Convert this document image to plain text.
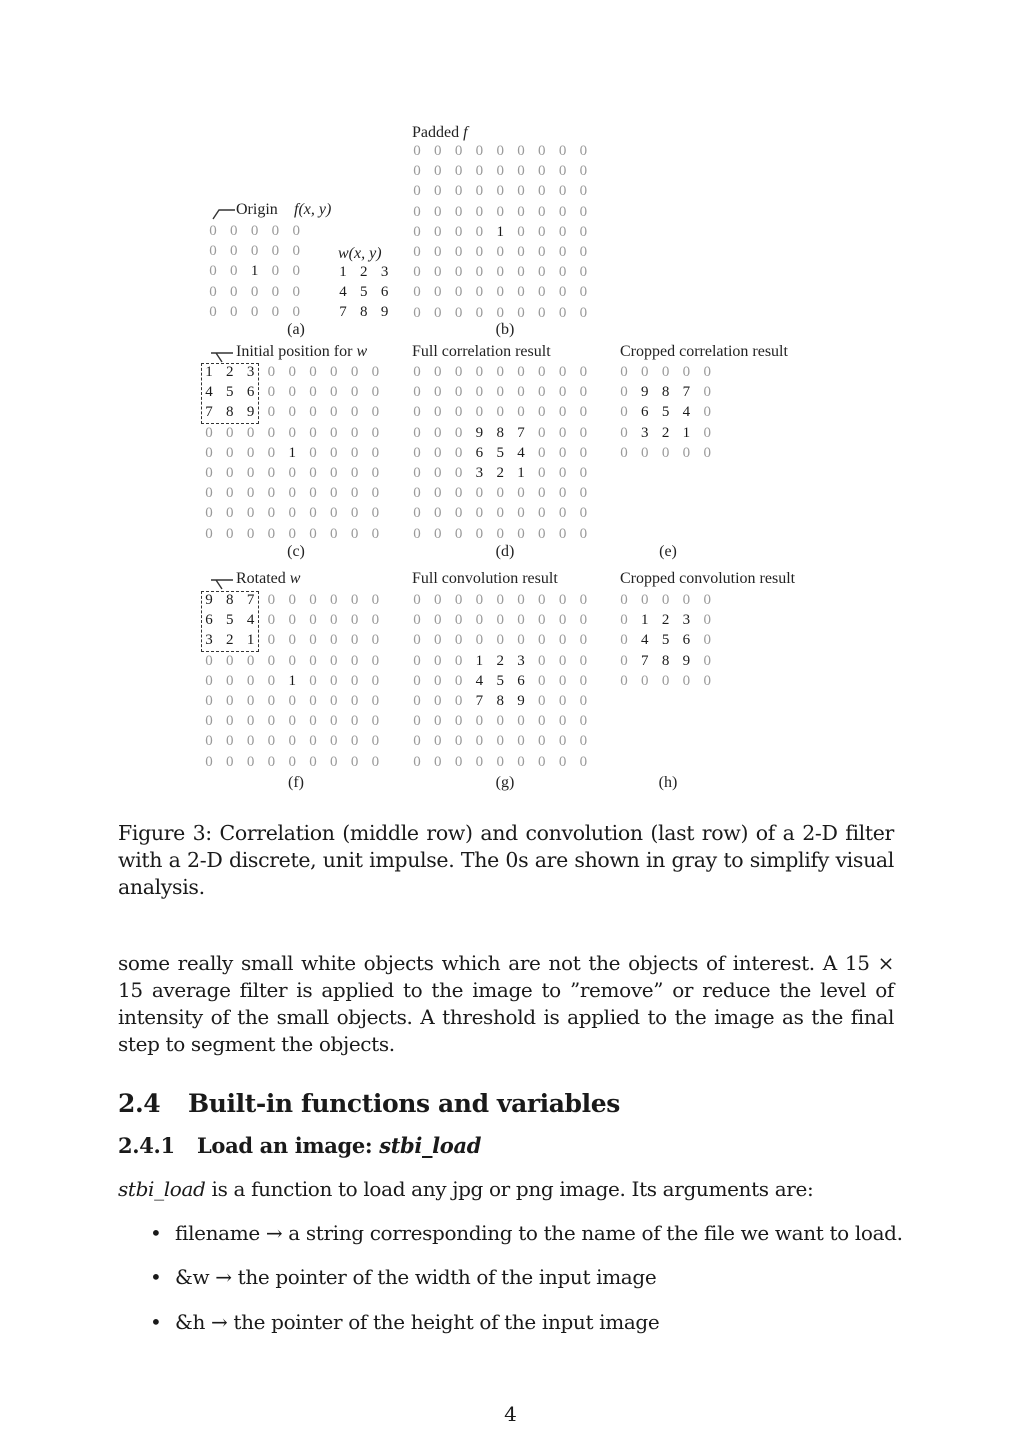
Padded f
Origin f(x, y)
w(x, y)
Initial position for w	Full correlation result	Cropped correlation result
Rotated w	Full convolution result	Cropped convolution result
0 0 0 0 0
0 0 0 0 0
0 0 1 0 0
0 0 0 0 0
0 0 0 0 0
1 2 3
4 5 6
7 8 9
0 0 0 0 0 0 0 0 0
0 0 0 0 0 0 0 0 0
0 0 0 0 0 0 0 0 0
0 0 0 0 0 0 0 0 0
0 0 0 0 1 0 0 0 0
0 0 0 0 0 0 0 0 0
0 0 0 0 0 0 0 0 0
0 0 0 0 0 0 0 0 0
0 0 0 0 0 0 0 0 0
1 2 3 0 0 0 0 0 0
4 5 6 0 0 0 0 0 0
7 8 9 0 0 0 0 0 0
0 0 0 0 0 0 0 0 0
0 0 0 0 1 0 0 0 0
0 0 0 0 0 0 0 0 0
0 0 0 0 0 0 0 0 0
0 0 0 0 0 0 0 0 0
0 0 0 0 0 0 0 0 0
0 0 0 0 0 0 0 0 0
0 0 0 0 0 0 0 0 0
0 0 0 0 0 0 0 0 0
0 0 0 9 8 7 0 0 0
0 0 0 6 5 4 0 0 0
0 0 0 3 2 1 0 0 0
0 0 0 0 0 0 0 0 0
0 0 0 0 0 0 0 0 0
0 0 0 0 0 0 0 0 0
0 0 0 0 0
0 9 8 7 0
0 6 5 4 0
0 3 2 1 0
0 0 0 0 0
9 8 7 0 0 0 0 0 0
6 5 4 0 0 0 0 0 0
3 2 1 0 0 0 0 0 0
0 0 0 0 0 0 0 0 0
0 0 0 0 1 0 0 0 0
0 0 0 0 0 0 0 0 0
0 0 0 0 0 0 0 0 0
0 0 0 0 0 0 0 0 0
0 0 0 0 0 0 0 0 0
0 0 0 0 0 0 0 0 0
0 0 0 0 0 0 0 0 0
0 0 0 0 0 0 0 0 0
0 0 0 1 2 3 0 0 0
0 0 0 4 5 6 0 0 0
0 0 0 7 8 9 0 0 0
0 0 0 0 0 0 0 0 0
0 0 0 0 0 0 0 0 0
0 0 0 0 0 0 0 0 0
0 0 0 0 0
0 1 2 3 0
0 4 5 6 0
0 7 8 9 0
0 0 0 0 0
(a)	(b)
(c)	(d)	(e)
(f)	(g)	(h)
Figure 3: Correlation (middle row) and convolution (last row) of a 2-D filter with a 2-D discrete, unit impulse. The 0s are shown in gray to simplify visual analysis.
some really small white objects which are not the objects of interest. A 15 × 15 average filter is applied to the image to ”remove” or reduce the level of intensity of the small objects. A threshold is applied to the image as the final step to segment the objects.
2.4 Built-in functions and variables
2.4.1 Load an image: stbi_load
stbi_load is a function to load any jpg or png image. Its arguments are:
• filename → a string corresponding to the name of the file we want to load.
• &w → the pointer of the width of the input image
• &h → the pointer of the height of the input image
4
